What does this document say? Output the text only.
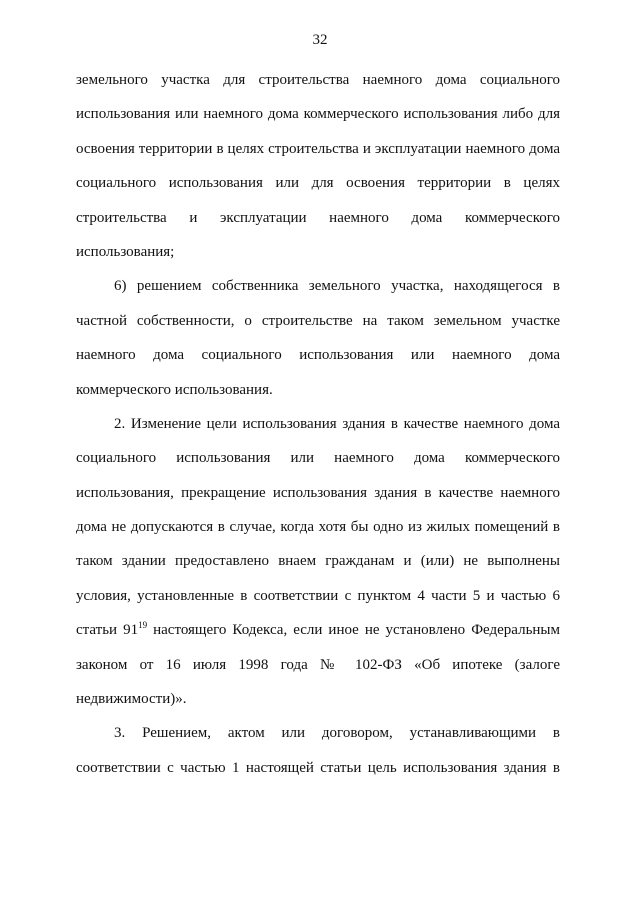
32
земельного участка для строительства наемного дома социального
использования или наемного дома коммерческого использования либо для
освоения территории в целях строительства и эксплуатации наемного дома
социального использования или для освоения территории в целях
строительства и эксплуатации наемного дома коммерческого
использования;
6) решением собственника земельного участка, находящегося в
частной собственности, о строительстве на таком земельном участке
наемного дома социального использования или наемного дома
коммерческого использования.
2. Изменение цели использования здания в качестве наемного дома
социального использования или наемного дома коммерческого
использования, прекращение использования здания в качестве наемного
дома не допускаются в случае, когда хотя бы одно из жилых помещений в
таком здании предоставлено внаем гражданам и (или) не выполнены
условия, установленные в соответствии с пунктом 4 части 5 и частью 6
статьи $91^{19}$ настоящего Кодекса, если иное не установлено Федеральным
законом от 16 июля 1998 года № 102-ФЗ «Об ипотеке (залоге
недвижимости)».
3. Решением, актом или договором, устанавливающими в
соответствии с частью 1 настоящей статьи цель использования здания в
